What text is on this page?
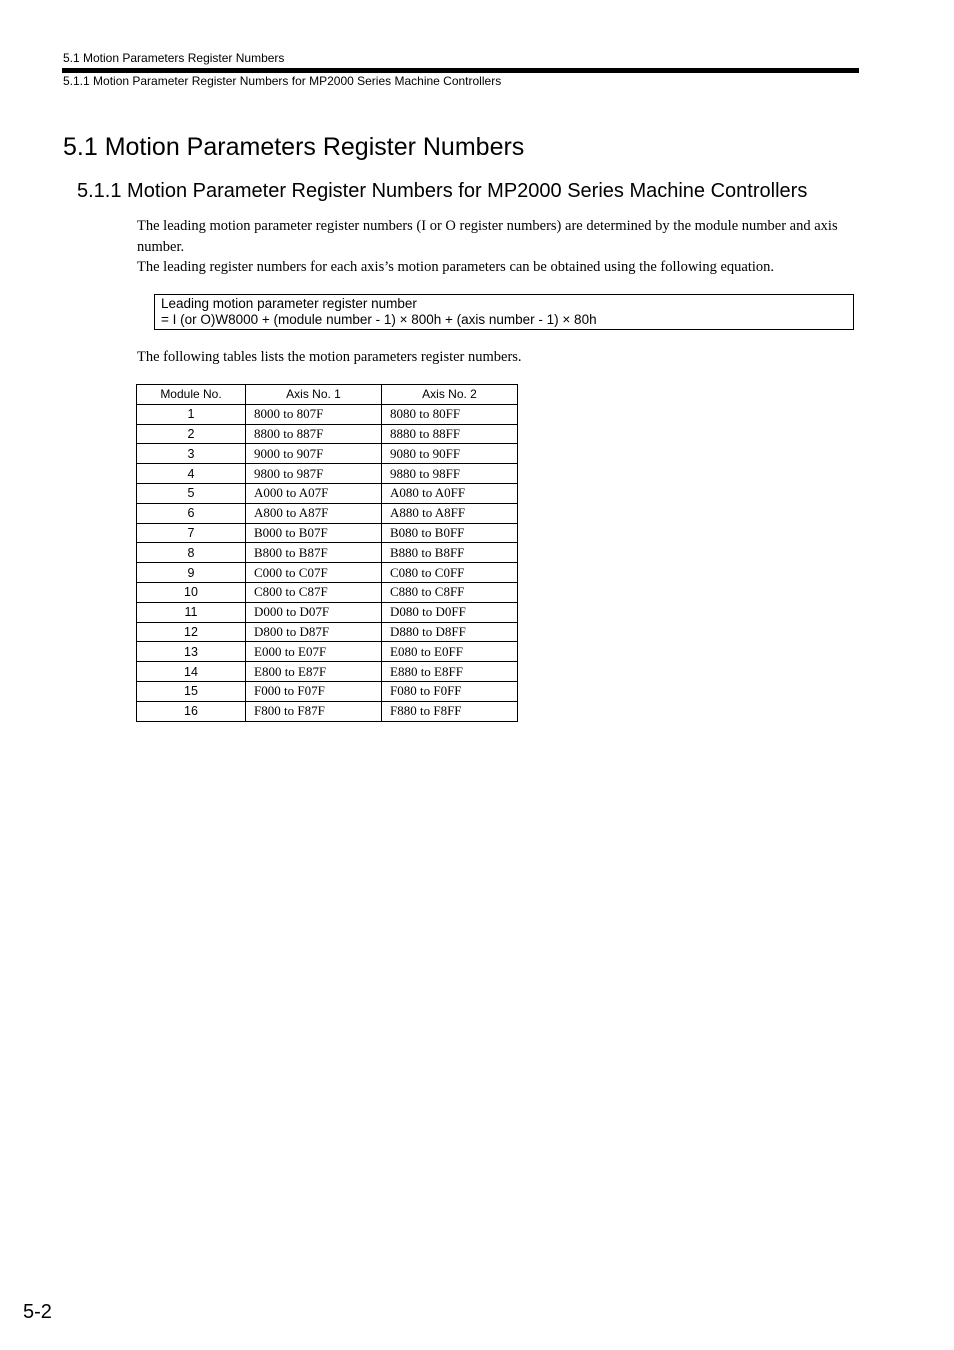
5.1 Motion Parameters Register Numbers
5.1.1 Motion Parameter Register Numbers for MP2000 Series Machine Controllers
5.1 Motion Parameters Register Numbers
5.1.1 Motion Parameter Register Numbers for MP2000 Series Machine Controllers
The leading motion parameter register numbers (I or O register numbers) are determined by the module number and axis number.
The leading register numbers for each axis’s motion parameters can be obtained using the following equation.
Leading motion parameter register number
= I (or O)W8000 + (module number - 1) × 800h + (axis number - 1) × 80h

The following tables lists the motion parameters register numbers.

Module No.	Axis No. 1	Axis No. 2
1	8000 to 807F	8080 to 80FF
2	8800 to 887F	8880 to 88FF
3	9000 to 907F	9080 to 90FF
4	9800 to 987F	9880 to 98FF
5	A000 to A07F	A080 to A0FF
6	A800 to A87F	A880 to A8FF
7	B000 to B07F	B080 to B0FF
8	B800 to B87F	B880 to B8FF
9	C000 to C07F	C080 to C0FF
10	C800 to C87F	C880 to C8FF
11	D000 to D07F	D080 to D0FF
12	D800 to D87F	D880 to D8FF
13	E000 to E07F	E080 to E0FF
14	E800 to E87F	E880 to E8FF
15	F000 to F07F	F080 to F0FF
16	F800 to F87F	F880 to F8FF
5-2
